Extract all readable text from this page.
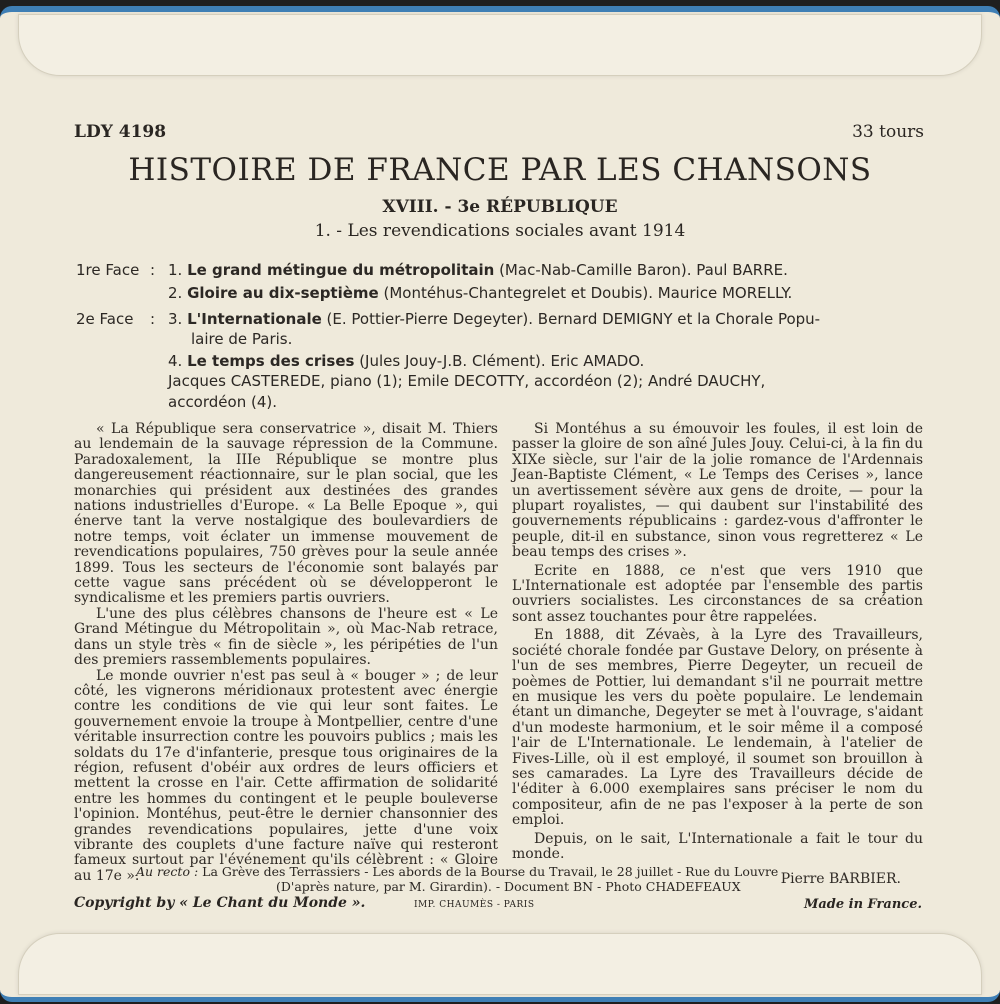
LDY 4198	33 tours
HISTOIRE DE FRANCE PAR LES CHANSONS
XVIII. - 3e RÉPUBLIQUE
1. - Les revendications sociales avant 1914
1re Face : 1. Le grand métingue du métropolitain (Mac-Nab-Camille Baron). Paul BARRE.
2. Gloire au dix-septième (Montéhus-Chantegrelet et Doubis). Maurice MORELLY.
2e Face : 3. L'Internationale (E. Pottier-Pierre Degeyter). Bernard DEMIGNY et la Chorale Popu-
laire de Paris.
4. Le temps des crises (Jules Jouy-J.B. Clément). Eric AMADO.
Jacques CASTEREDE, piano (1); Emile DECOTTY, accordéon (2); André DAUCHY,
accordéon (4).

« La République sera conservatrice », disait M. Thiers au lendemain de la sauvage répression de la Commune. Paradoxalement, la IIIe République se montre plus dangereusement réactionnaire, sur le plan social, que les monarchies qui président aux destinées des grandes nations industrielles d'Europe. « La Belle Epoque », qui énerve tant la verve nostalgique des boulevardiers de notre temps, voit éclater un immense mouvement de revendications populaires, 750 grèves pour la seule année 1899. Tous les secteurs de l'économie sont balayés par cette vague sans précédent où se développeront le syndicalisme et les premiers partis ouvriers.

L'une des plus célèbres chansons de l'heure est « Le Grand Métingue du Métropolitain », où Mac-Nab retrace, dans un style très « fin de siècle », les péripéties de l'un des premiers rassemblements populaires.

Le monde ouvrier n'est pas seul à « bouger » ; de leur côté, les vignerons méridionaux protestent avec énergie contre les conditions de vie qui leur sont faites. Le gouvernement envoie la troupe à Montpellier, centre d'une véritable insurrection contre les pouvoirs publics ; mais les soldats du 17e d'infanterie, presque tous originaires de la région, refusent d'obéir aux ordres de leurs officiers et mettent la crosse en l'air. Cette affirmation de solidarité entre les hommes du contingent et le peuple bouleverse l'opinion. Montéhus, peut-être le dernier chansonnier des grandes revendications populaires, jette d'une voix vibrante des couplets d'une facture naïve qui resteront fameux surtout par l'événement qu'ils célèbrent : « Gloire au 17e ».

Si Montéhus a su émouvoir les foules, il est loin de passer la gloire de son aîné Jules Jouy. Celui-ci, à la fin du XIXe siècle, sur l'air de la jolie romance de l'Ardennais Jean-Baptiste Clément, « Le Temps des Cerises », lance un avertissement sévère aux gens de droite, — pour la plupart royalistes, — qui daubent sur l'instabilité des gouvernements républicains : gardez-vous d'affronter le peuple, dit-il en substance, sinon vous regretterez « Le beau temps des crises ».

Ecrite en 1888, ce n'est que vers 1910 que L'Internationale est adoptée par l'ensemble des partis ouvriers socialistes. Les circonstances de sa création sont assez touchantes pour être rappelées.

En 1888, dit Zévaès, à la Lyre des Travailleurs, société chorale fondée par Gustave Delory, on présente à l'un de ses membres, Pierre Degeyter, un recueil de poèmes de Pottier, lui demandant s'il ne pourrait mettre en musique les vers du poète populaire. Le lendemain étant un dimanche, Degeyter se met à l'ouvrage, s'aidant d'un modeste harmonium, et le soir même il a composé l'air de L'Internationale. Le lendemain, à l'atelier de Fives-Lille, où il est employé, il soumet son brouillon à ses camarades. La Lyre des Travailleurs décide de l'éditer à 6.000 exemplaires sans préciser le nom du compositeur, afin de ne pas l'exposer à la perte de son emploi.

Depuis, on le sait, L'Internationale a fait le tour du monde.

Pierre BARBIER.
Au recto : La Grève des Terrassiers - Les abords de la Bourse du Travail, le 28 juillet - Rue du Louvre
(D'après nature, par M. Girardin). - Document BN - Photo CHADEFEAUX
Copyright by « Le Chant du Monde ».	IMP. CHAUMÈS - PARIS	Made in France.
